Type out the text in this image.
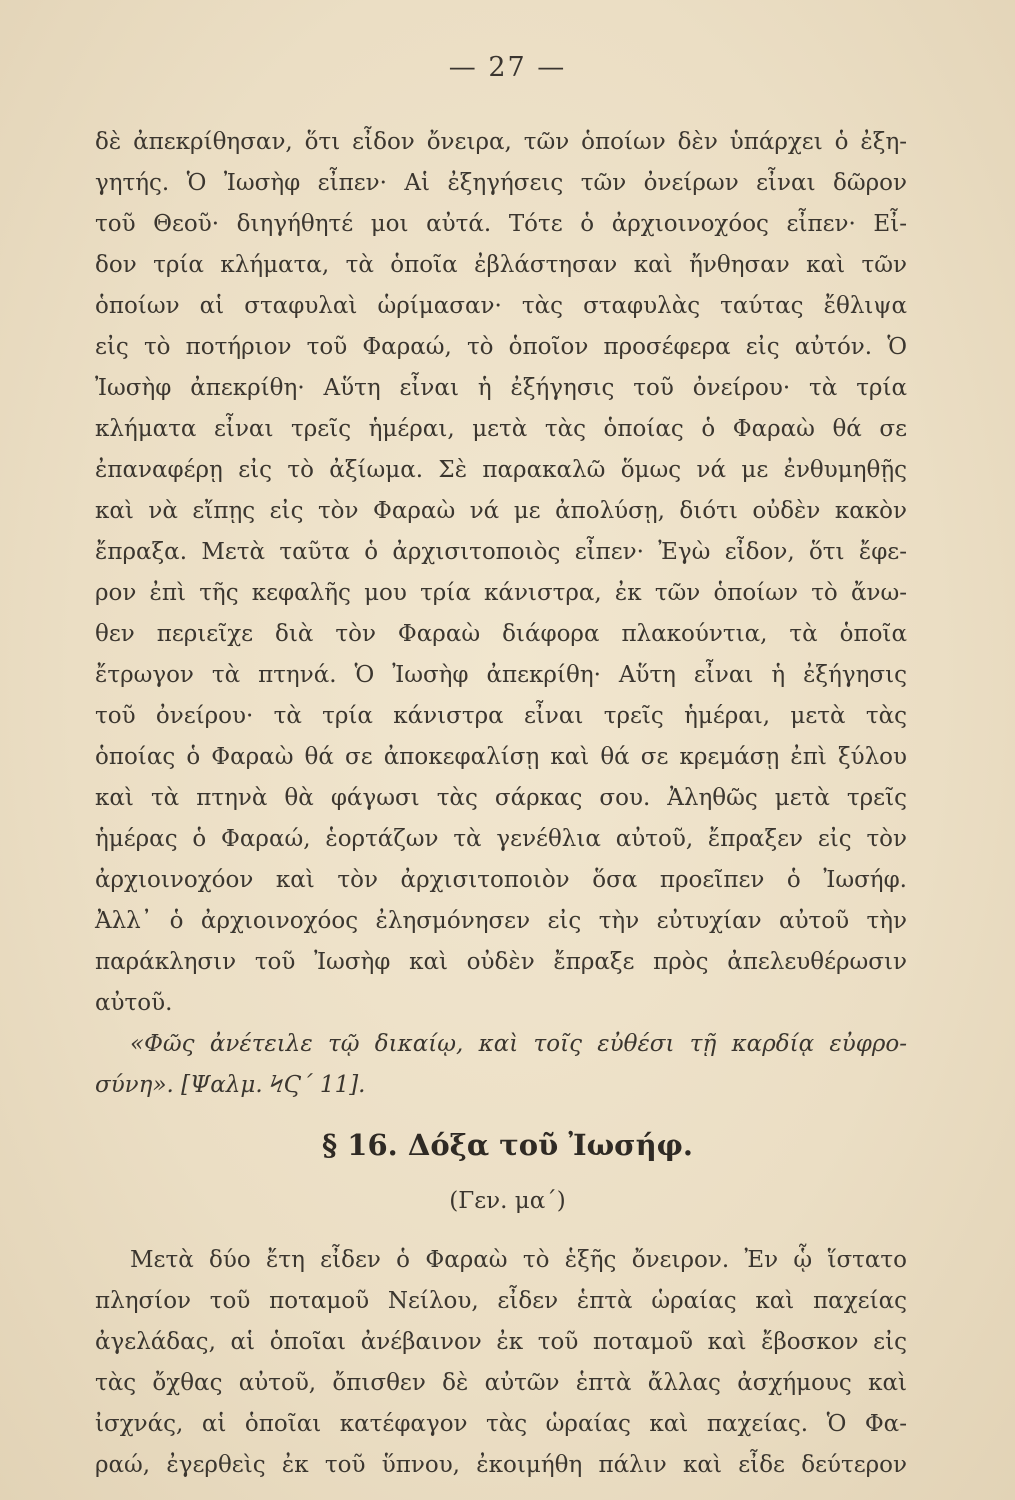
— 27 —
δὲ ἀπεκρίθησαν, ὅτι εἶδον ὄνειρα, τῶν ὁποίων δὲν ὑπάρχει ὁ ἐξη-
γητής. Ὁ Ἰωσὴφ εἶπεν· Αἱ ἐξηγήσεις τῶν ὀνείρων εἶναι δῶρον
τοῦ Θεοῦ· διηγήθητέ μοι αὐτά. Τότε ὁ ἀρχιοινοχόος εἶπεν· Εἶ-
δον τρία κλήματα, τὰ ὁποῖα ἐβλάστησαν καὶ ἤνθησαν καὶ τῶν
ὁποίων αἱ σταφυλαὶ ὡρίμασαν· τὰς σταφυλὰς ταύτας ἔθλιψα
εἰς τὸ ποτήριον τοῦ Φαραώ, τὸ ὁποῖον προσέφερα εἰς αὐτόν. Ὁ
Ἰωσὴφ ἀπεκρίθη· Αὕτη εἶναι ἡ ἐξήγησις τοῦ ὀνείρου· τὰ τρία
κλήματα εἶναι τρεῖς ἡμέραι, μετὰ τὰς ὁποίας ὁ Φαραὼ θά σε
ἐπαναφέρῃ εἰς τὸ ἀξίωμα. Σὲ παρακαλῶ ὅμως νά με ἐνθυμηθῇς
καὶ νὰ εἴπῃς εἰς τὸν Φαραὼ νά με ἀπολύσῃ, διότι οὐδὲν κακὸν
ἔπραξα. Μετὰ ταῦτα ὁ ἀρχισιτοποιὸς εἶπεν· Ἐγὼ εἶδον, ὅτι ἔφε-
ρον ἐπὶ τῆς κεφαλῆς μου τρία κάνιστρα, ἐκ τῶν ὁποίων τὸ ἄνω-
θεν περιεῖχε διὰ τὸν Φαραὼ διάφορα πλακούντια, τὰ ὁποῖα
ἔτρωγον τὰ πτηνά. Ὁ Ἰωσὴφ ἀπεκρίθη· Αὕτη εἶναι ἡ ἐξήγησις
τοῦ ὀνείρου· τὰ τρία κάνιστρα εἶναι τρεῖς ἡμέραι, μετὰ τὰς
ὁποίας ὁ Φαραὼ θά σε ἀποκεφαλίσῃ καὶ θά σε κρεμάσῃ ἐπὶ ξύλου
καὶ τὰ πτηνὰ θὰ φάγωσι τὰς σάρκας σου. Ἀληθῶς μετὰ τρεῖς
ἡμέρας ὁ Φαραώ, ἑορτάζων τὰ γενέθλια αὐτοῦ, ἔπραξεν εἰς τὸν
ἀρχιοινοχόον καὶ τὸν ἀρχισιτοποιὸν ὅσα προεῖπεν ὁ Ἰωσήφ.
Ἀλλ᾽ ὁ ἀρχιοινοχόος ἐλησμόνησεν εἰς τὴν εὐτυχίαν αὐτοῦ τὴν
παράκλησιν τοῦ Ἰωσὴφ καὶ οὐδὲν ἔπραξε πρὸς ἀπελευθέρωσιν
αὐτοῦ.
«Φῶς ἀνέτειλε τῷ δικαίῳ, καὶ τοῖς εὐθέσι τῇ καρδίᾳ εὐφρο-
σύνη». [Ψαλμ. ϞϚ´ 11].
§ 16. Δόξα τοῦ Ἰωσήφ.
(Γεν. μα´)
Μετὰ δύο ἔτη εἶδεν ὁ Φαραὼ τὸ ἑξῆς ὄνειρον. Ἐν ᾧ ἵστατο
πλησίον τοῦ ποταμοῦ Νείλου, εἶδεν ἑπτὰ ὡραίας καὶ παχείας
ἀγελάδας, αἱ ὁποῖαι ἀνέβαινον ἐκ τοῦ ποταμοῦ καὶ ἔβοσκον εἰς
τὰς ὄχθας αὐτοῦ, ὄπισθεν δὲ αὐτῶν ἑπτὰ ἄλλας ἀσχήμους καὶ
ἰσχνάς, αἱ ὁποῖαι κατέφαγον τὰς ὡραίας καὶ παχείας. Ὁ Φα-
ραώ, ἐγερθεὶς ἐκ τοῦ ὕπνου, ἐκοιμήθη πάλιν καὶ εἶδε δεύτερον
